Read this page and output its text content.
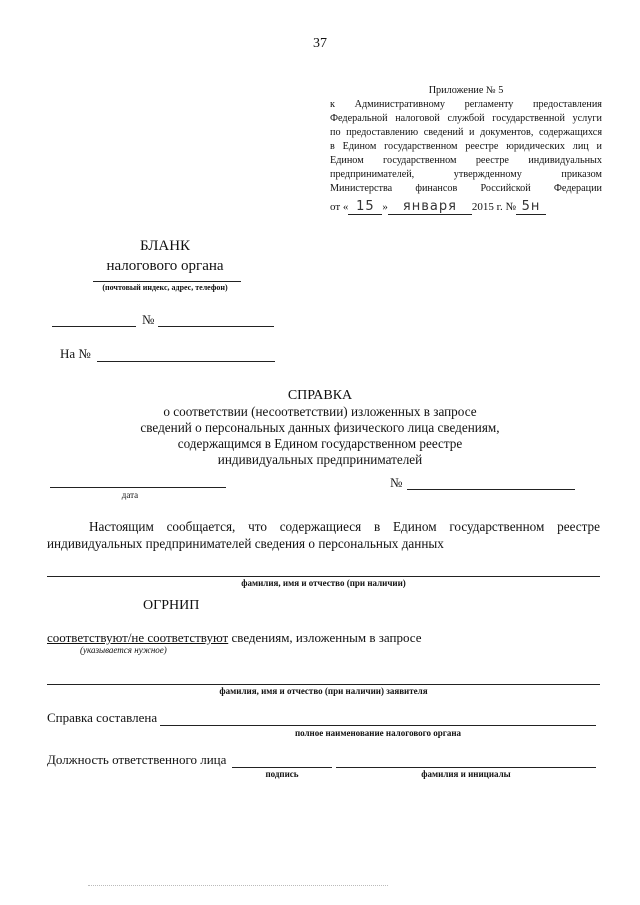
37
Приложение № 5

к Административному регламенту предоставления

Федеральной налоговой службой государственной услуги

по предоставлению сведений и документов, содержащихся

в Едином государственном реестре юридических лиц и

Едином государственном реестре индивидуальных

предпринимателей, утвержденному приказом

Министерства финансов Российской Федерации

от « 15 » января 2015 г. № 5н
БЛАНК
налогового органа
(почтовый индекс, адрес, телефон)
№
На №
СПРАВКА
о соответствии (несоответствии) изложенных в запросе
сведений о персональных данных физического лица сведениям,
содержащимся в Едином государственном реестре
индивидуальных предпринимателей
дата
№
Настоящим сообщается, что содержащиеся в Едином государственном реестре
индивидуальных предпринимателей сведения о персональных данных
фамилия, имя и отчество (при наличии)
ОГРНИП
соответствуют/не соответствуют сведениям, изложенным в запросе
(указывается нужное)
фамилия, имя и отчество (при наличии) заявителя
Справка составлена
полное наименование налогового органа
Должность ответственного лица
подпись	фамилия и инициалы
